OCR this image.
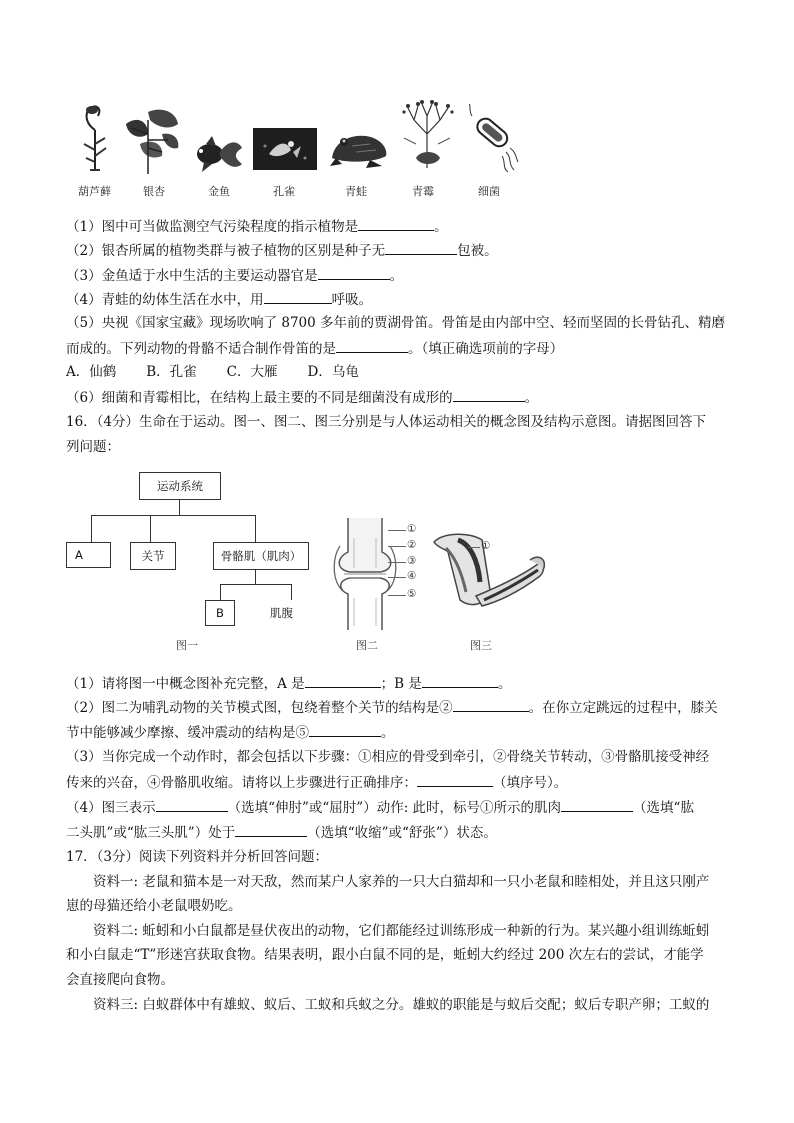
葫芦藓	银杏	金鱼	孔雀	青蛙	青霉	细菌
（1）图中可当做监测空气污染程度的指示植物是	。
（2）银杏所属的植物类群与被子植物的区别是种子无	包被。
（3）金鱼适于水中生活的主要运动器官是	。
（4）青蛙的幼体生活在水中，用	呼吸。
（5）央视《国家宝藏》现场吹响了 8700 多年前的贾湖骨笛。骨笛是由内部中空、轻而坚固的长骨钻孔、精磨
而成的。下列动物的骨骼不适合制作骨笛的是	。（填正确选项前的字母）
A．仙鹤 B．孔雀 C．大雁 D．乌龟
（6）细菌和青霉相比，在结构上最主要的不同是细菌没有成形的	。
16．（4分）生命在于运动。图一、图二、图三分别是与人体运动相关的概念图及结构示意图。请据图回答下
列问题：
运动系统
A	关节	骨骼肌（肌肉）
B	肌腹
图一
①
②
③
④
⑤
图二
①
图三
（1）请将图一中概念图补充完整，A 是	；B 是	。
（2）图二为哺乳动物的关节模式图，包绕着整个关节的结构是②	。在你立定跳远的过程中，膝关
节中能够减少摩擦、缓冲震动的结构是⑤	。
（3）当你完成一个动作时，都会包括以下步骤：①相应的骨受到牵引，②骨绕关节转动，③骨骼肌接受神经
传来的兴奋，④骨骼肌收缩。请将以上步骤进行正确排序：	（填序号）。
（4）图三表示	（选填“伸肘”或“屈肘”）动作: 此时，标号①所示的肌肉	（选填“肱
二头肌”或“肱三头肌”）处于	（选填“收缩”或“舒张”）状态。
17．（3分）阅读下列资料并分析回答问题：
资料一: 老鼠和猫本是一对天敌，然而某户人家养的一只大白猫却和一只小老鼠和睦相处，并且这只刚产
崽的母猫还给小老鼠喂奶吃。
资料二: 蚯蚓和小白鼠都是昼伏夜出的动物，它们都能经过训练形成一种新的行为。某兴趣小组训练蚯蚓
和小白鼠走“T”形迷宫获取食物。结果表明，跟小白鼠不同的是，蚯蚓大约经过 200 次左右的尝试，才能学
会直接爬向食物。
资料三: 白蚁群体中有雄蚁、蚁后、工蚁和兵蚁之分。雄蚁的职能是与蚁后交配；蚁后专职产卵；工蚁的
